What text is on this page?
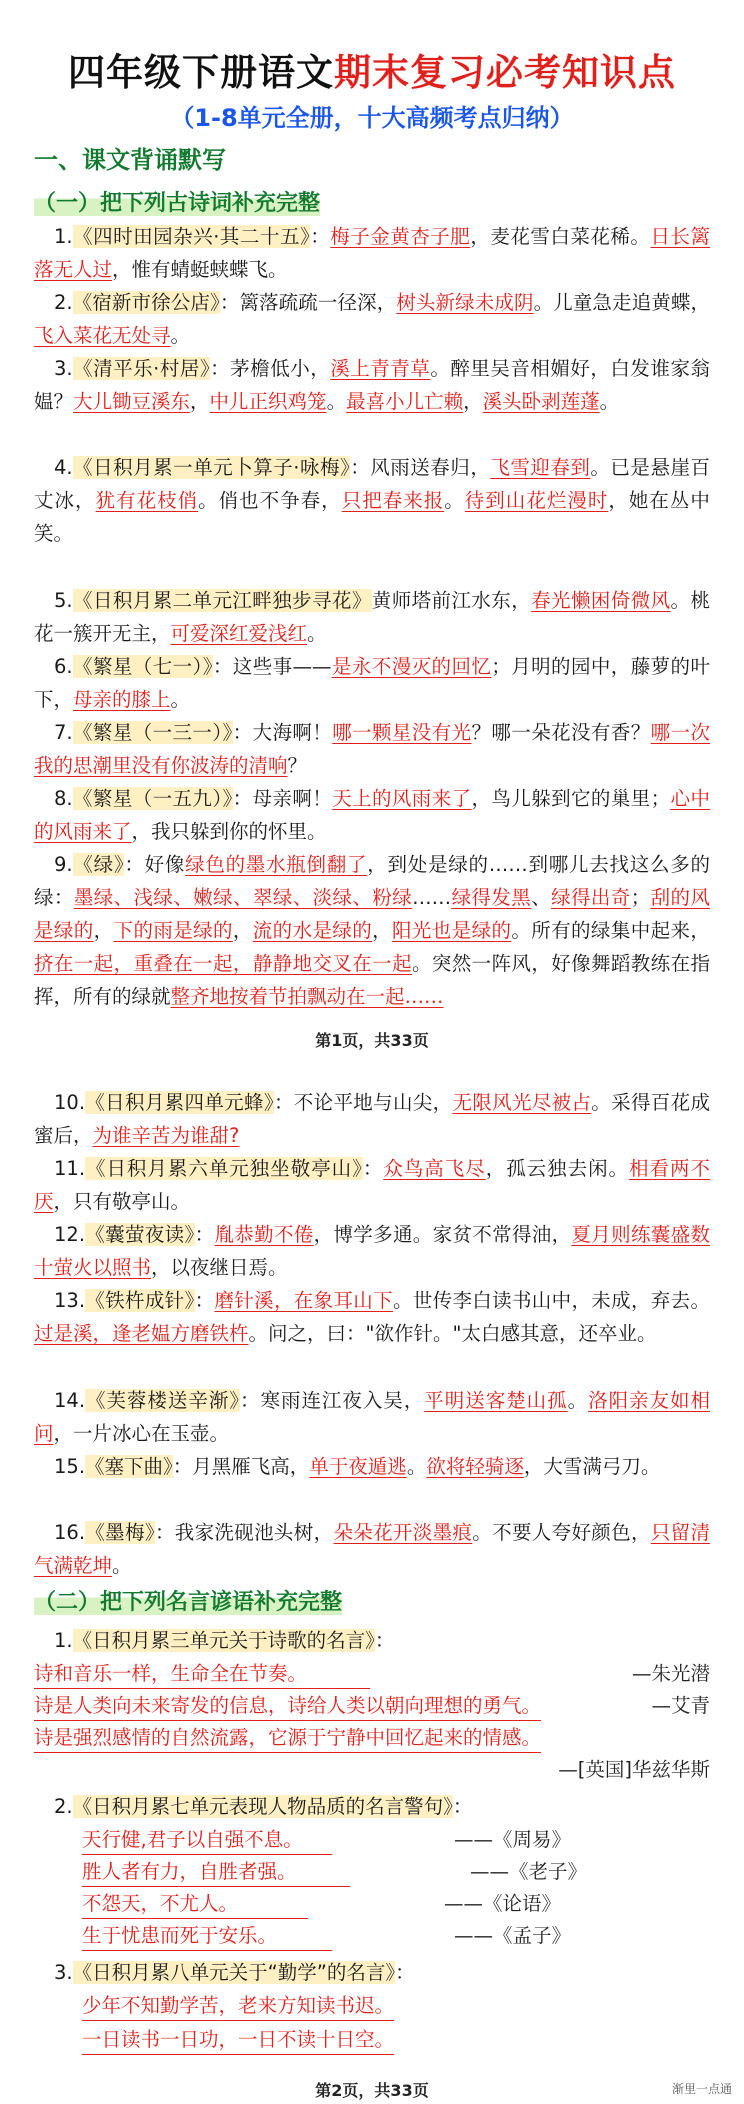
四年级下册语文期末复习必考知识点
（1-8单元全册，十大高频考点归纳）
一、课文背诵默写
（一）把下列古诗词补充完整
1.《四时田园杂兴·其二十五》：梅子金黄杏子肥，麦花雪白菜花稀。日长篱落无人过，惟有蜻蜓蛱蝶飞。
2.《宿新市徐公店》：篱落疏疏一径深，树头新绿未成阴。儿童急走追黄蝶，飞入菜花无处寻。
3.《清平乐·村居》：茅檐低小，溪上青青草。醉里吴音相媚好，白发谁家翁媪？大儿锄豆溪东，中儿正织鸡笼。最喜小儿亡赖，溪头卧剥莲蓬。
4.《日积月累一单元卜算子·咏梅》：风雨送春归，飞雪迎春到。已是悬崖百丈冰，犹有花枝俏。俏也不争春，只把春来报。待到山花烂漫时，她在丛中笑。
5.《日积月累二单元江畔独步寻花》黄师塔前江水东，春光懒困倚微风。桃花一簇开无主，可爱深红爱浅红。
6.《繁星（七一）》：这些事——是永不漫灭的回忆；月明的园中，藤萝的叶下，母亲的膝上。
7.《繁星（一三一）》：大海啊！哪一颗星没有光？哪一朵花没有香？哪一次我的思潮里没有你波涛的清响？
8.《繁星（一五九）》：母亲啊！天上的风雨来了，鸟儿躲到它的巢里；心中的风雨来了，我只躲到你的怀里。
9.《绿》：好像绿色的墨水瓶倒翻了，到处是绿的……到哪儿去找这么多的绿：墨绿、浅绿、嫩绿、翠绿、淡绿、粉绿……绿得发黑、绿得出奇；刮的风是绿的，下的雨是绿的，流的水是绿的，阳光也是绿的。所有的绿集中起来，挤在一起，重叠在一起，静静地交叉在一起。突然一阵风，好像舞蹈教练在指挥，所有的绿就整齐地按着节拍飘动在一起……
第1页，共33页
10.《日积月累四单元蜂》：不论平地与山尖，无限风光尽被占。采得百花成蜜后，为谁辛苦为谁甜?
11.《日积月累六单元独坐敬亭山》：众鸟高飞尽，孤云独去闲。相看两不厌，只有敬亭山。
12.《囊萤夜读》：胤恭勤不倦，博学多通。家贫不常得油，夏月则练囊盛数十萤火以照书，以夜继日焉。
13.《铁杵成针》：磨针溪，在象耳山下。世传李白读书山中，未成，弃去。过是溪，逢老媪方磨铁杵。问之，曰："欲作针。"太白感其意，还卒业。
14.《芙蓉楼送辛渐》：寒雨连江夜入吴，平明送客楚山孤。洛阳亲友如相问，一片冰心在玉壶。
15.《塞下曲》：月黑雁飞高，单于夜遁逃。欲将轻骑逐，大雪满弓刀。
16.《墨梅》：我家洗砚池头树，朵朵花开淡墨痕。不要人夸好颜色，只留清气满乾坤。
（二）把下列名言谚语补充完整
1.《日积月累三单元关于诗歌的名言》：
诗和音乐一样，生命全在节奏。	—朱光潜
诗是人类向未来寄发的信息，诗给人类以朝向理想的勇气。	—艾青
诗是强烈感情的自然流露，它源于宁静中回忆起来的情感。
—[英国]华兹华斯
2.《日积月累七单元表现人物品质的名言警句》：
天行健,君子以自强不息。	——《周易》
胜人者有力，自胜者强。	——《老子》
不怨天，不尤人。	——《论语》
生于忧患而死于安乐。	——《孟子》
3.《日积月累八单元关于“勤学”的名言》：
少年不知勤学苦，老来方知读书迟。
一日读书一日功，一日不读十日空。
第2页，共33页	渐里一点通
